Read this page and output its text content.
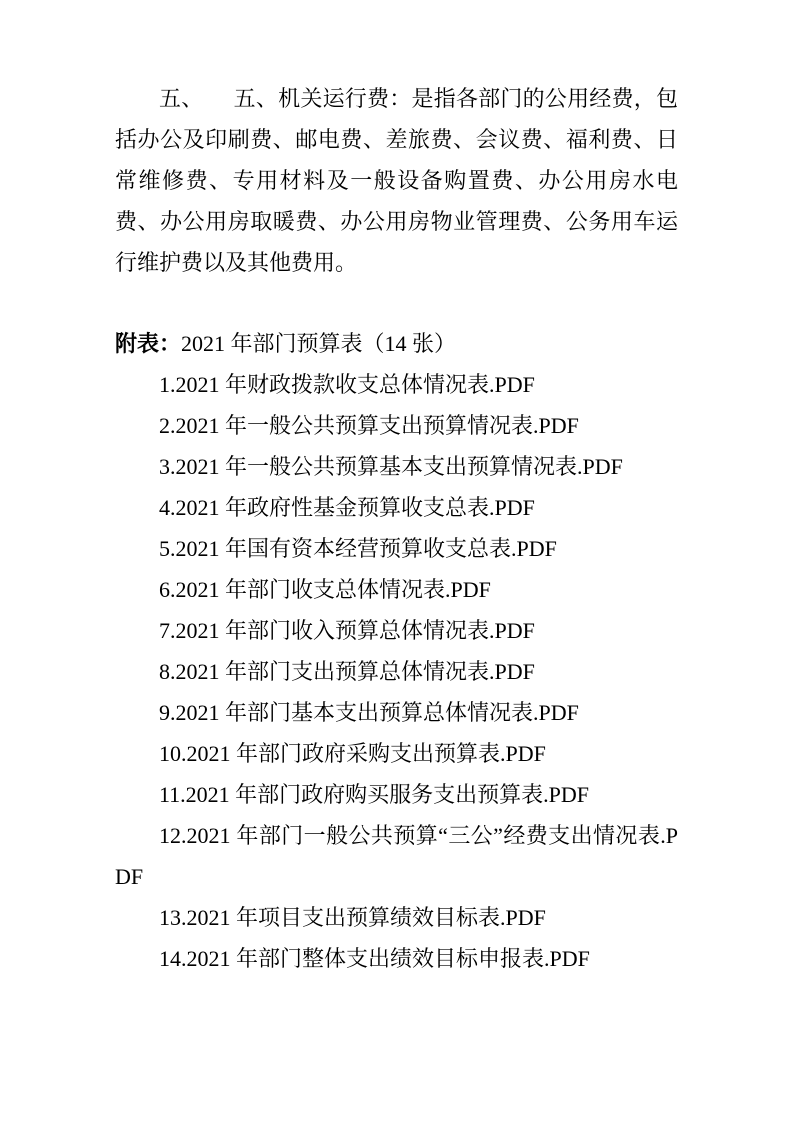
五、 五、机关运行费：是指各部门的公用经费，包括办公及印刷费、邮电费、差旅费、会议费、福利费、日常维修费、专用材料及一般设备购置费、办公用房水电费、办公用房取暖费、办公用房物业管理费、公务用车运行维护费以及其他费用。

附表：2021 年部门预算表（14 张）

1.2021 年财政拨款收支总体情况表.PDF

2.2021 年一般公共预算支出预算情况表.PDF

3.2021 年一般公共预算基本支出预算情况表.PDF

4.2021 年政府性基金预算收支总表.PDF

5.2021 年国有资本经营预算收支总表.PDF

6.2021 年部门收支总体情况表.PDF

7.2021 年部门收入预算总体情况表.PDF

8.2021 年部门支出预算总体情况表.PDF

9.2021 年部门基本支出预算总体情况表.PDF

10.2021 年部门政府采购支出预算表.PDF

11.2021 年部门政府购买服务支出预算表.PDF

12.2021 年部门一般公共预算“三公”经费支出情况表.PDF

13.2021 年项目支出预算绩效目标表.PDF

14.2021 年部门整体支出绩效目标申报表.PDF
